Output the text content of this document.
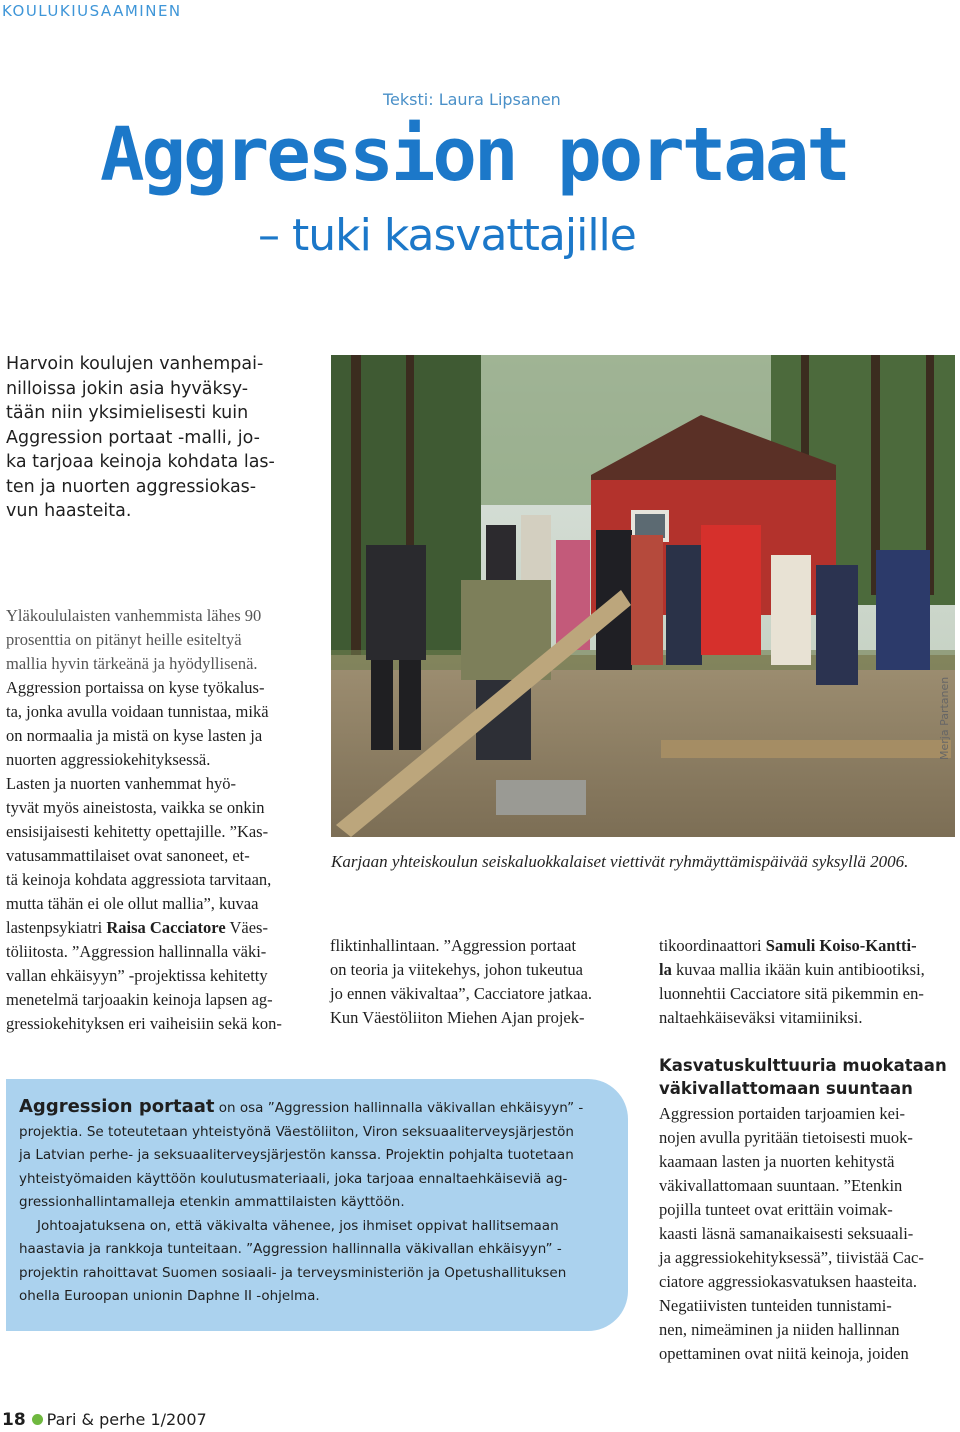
KOULUKIUSAAMINEN
Teksti: Laura Lipsanen
Aggression portaat
– tuki kasvattajille
Harvoin koulujen vanhempai-
nilloissa jokin asia hyväksy-
tään niin yksimielisesti kuin
Aggression portaat -malli, jo-
ka tarjoaa keinoja kohdata las-
ten ja nuorten aggressiokas-
vun haasteita.
Yläkoululaisten vanhemmista lähes 90
prosenttia on pitänyt heille esiteltyä
mallia hyvin tärkeänä ja hyödyllisenä.
Aggression portaissa on kyse työkalus-
ta, jonka avulla voidaan tunnistaa, mikä
on normaalia ja mistä on kyse lasten ja
nuorten aggressiokehityksessä.
Lasten ja nuorten vanhemmat hyö-
tyvät myös aineistosta, vaikka se onkin
ensisijaisesti kehitetty opettajille. ”Kas-
vatusammattilaiset ovat sanoneet, et-
tä keinoja kohdata aggressiota tarvitaan,
mutta tähän ei ole ollut mallia”, kuvaa
lastenpsykiatri Raisa Cacciatore Väes-
töliitosta. ”Aggression hallinnalla väki-
vallan ehkäisyyn” -projektissa kehitetty
menetelmä tarjoaakin keinoja lapsen ag-
gressiokehityksen eri vaiheisiin sekä kon-
Merja Partanen
Karjaan yhteiskoulun seiskaluokkalaiset viettivät ryhmäyttämispäivää syksyllä 2006.
fliktinhallintaan. ”Aggression portaat
on teoria ja viitekehys, johon tukeutua
jo ennen väkivaltaa”, Cacciatore jatkaa.
Kun Väestöliiton Miehen Ajan projek-
tikoordinaattori Samuli Koiso-Kantti-
la kuvaa mallia ikään kuin antibiootiksi,
luonnehtii Cacciatore sitä pikemmin en-
naltaehkäiseväksi vitamiiniksi.
Aggression portaat on osa ”Aggression hallinnalla väkivallan ehkäisyyn” -
projektia. Se toteutetaan yhteistyönä Väestöliiton, Viron seksuaaliterveysjärjestön
ja Latvian perhe- ja seksuaaliterveysjärjestön kanssa. Projektin pohjalta tuotetaan
yhteistyömaiden käyttöön koulutusmateriaali, joka tarjoaa ennaltaehkäiseviä ag-
gressionhallintamalleja etenkin ammattilaisten käyttöön.
Johtoajatuksena on, että väkivalta vähenee, jos ihmiset oppivat hallitsemaan
haastavia ja rankkoja tunteitaan. ”Aggression hallinnalla väkivallan ehkäisyyn” -
projektin rahoittavat Suomen sosiaali- ja terveysministeriön ja Opetushallituksen
ohella Euroopan unionin Daphne II -ohjelma.
Kasvatuskulttuuria muokataan
väkivallattomaan suuntaan
Aggression portaiden tarjoamien kei-
nojen avulla pyritään tietoisesti muok-
kaamaan lasten ja nuorten kehitystä
väkivallattomaan suuntaan. ”Etenkin
pojilla tunteet ovat erittäin voimak-
kaasti läsnä samanaikaisesti seksuaali-
ja aggressiokehityksessä”, tiivistää Cac-
ciatore aggressiokasvatuksen haasteita.
Negatiivisten tunteiden tunnistami-
nen, nimeäminen ja niiden hallinnan
opettaminen ovat niitä keinoja, joiden
18 Pari & perhe 1/2007
